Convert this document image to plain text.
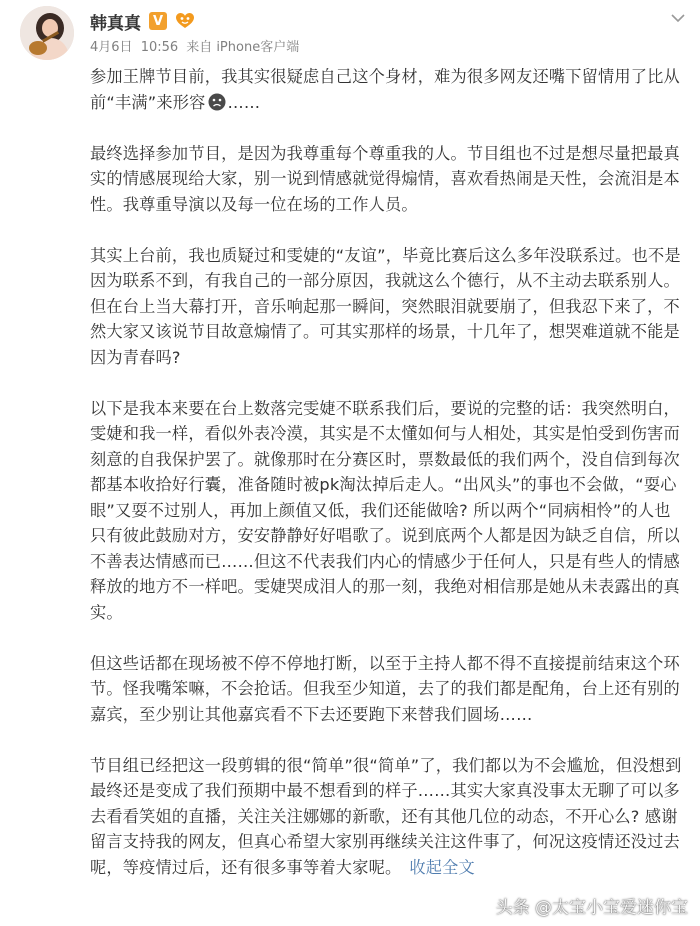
韩真真 V
4月6日 10:56 来自 iPhone客户端

参加王牌节目前，我其实很疑虑自己这个身材，难为很多网友还嘴下留情用了比从前“丰满”来形容 ……

最终选择参加节目，是因为我尊重每个尊重我的人。节目组也不过是想尽量把最真实的情感展现给大家，别一说到情感就觉得煽情，喜欢看热闹是天性，会流泪是本性。我尊重导演以及每一位在场的工作人员。

其实上台前，我也质疑过和雯婕的“友谊”，毕竟比赛后这么多年没联系过。也不是因为联系不到，有我自己的一部分原因，我就这么个德行，从不主动去联系别人。但在台上当大幕打开，音乐响起那一瞬间，突然眼泪就要崩了，但我忍下来了，不然大家又该说节目故意煽情了。可其实那样的场景，十几年了，想哭难道就不能是因为青春吗?

以下是我本来要在台上数落完雯婕不联系我们后，要说的完整的话：我突然明白，雯婕和我一样，看似外表冷漠，其实是不太懂如何与人相处，其实是怕受到伤害而刻意的自我保护罢了。就像那时在分赛区时，票数最低的我们两个，没自信到每次都基本收拾好行囊，准备随时被pk淘汰掉后走人。“出风头”的事也不会做，“耍心眼”又耍不过别人，再加上颜值又低，我们还能做啥? 所以两个“同病相怜”的人也只有彼此鼓励对方，安安静静好好唱歌了。说到底两个人都是因为缺乏自信，所以不善表达情感而已……但这不代表我们内心的情感少于任何人，只是有些人的情感释放的地方不一样吧。雯婕哭成泪人的那一刻，我绝对相信那是她从未表露出的真实。

但这些话都在现场被不停不停地打断，以至于主持人都不得不直接提前结束这个环节。怪我嘴笨嘛，不会抢话。但我至少知道，去了的我们都是配角，台上还有别的嘉宾，至少别让其他嘉宾看不下去还要跑下来替我们圆场……

节目组已经把这一段剪辑的很“简单”很“简单”了，我们都以为不会尴尬，但没想到最终还是变成了我们预期中最不想看到的样子……其实大家真没事太无聊了可以多去看看笑姐的直播，关注关注娜娜的新歌，还有其他几位的动态，不开心么? 感谢留言支持我的网友，但真心希望大家别再继续关注这件事了，何况这疫情还没过去呢，等疫情过后，还有很多事等着大家呢。 收起全文

头条 @太宝小宝爱迷你宝
